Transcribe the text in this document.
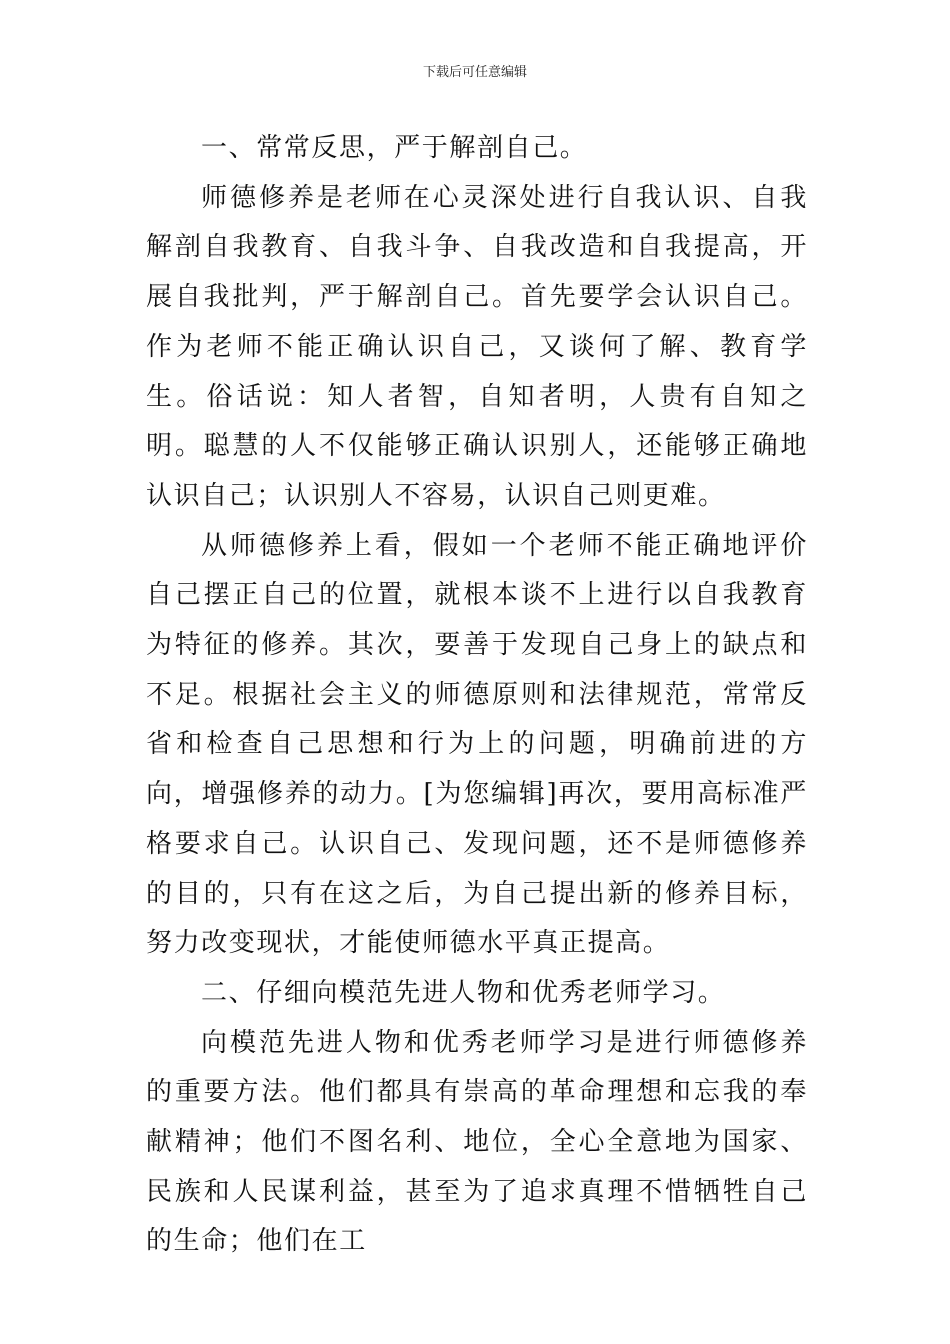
下载后可任意编辑

一、常常反思，严于解剖自己。

师德修养是老师在心灵深处进行自我认识、自我解剖自我教育、自我斗争、自我改造和自我提高，开展自我批判，严于解剖自己。首先要学会认识自己。作为老师不能正确认识自己，又谈何了解、教育学生。俗话说：知人者智，自知者明，人贵有自知之明。聪慧的人不仅能够正确认识别人，还能够正确地认识自己；认识别人不容易，认识自己则更难。

从师德修养上看，假如一个老师不能正确地评价自己摆正自己的位置，就根本谈不上进行以自我教育为特征的修养。其次，要善于发现自己身上的缺点和不足。根据社会主义的师德原则和法律规范，常常反省和检查自己思想和行为上的问题，明确前进的方向，增强修养的动力。[为您编辑]再次，要用高标准严格要求自己。认识自己、发现问题，还不是师德修养的目的，只有在这之后，为自己提出新的修养目标，努力改变现状，才能使师德水平真正提高。

二、仔细向模范先进人物和优秀老师学习。

向模范先进人物和优秀老师学习是进行师德修养的重要方法。他们都具有崇高的革命理想和忘我的奉献精神；他们不图名利、地位，全心全意地为国家、民族和人民谋利益，甚至为了追求真理不惜牺牲自己的生命；他们在工
